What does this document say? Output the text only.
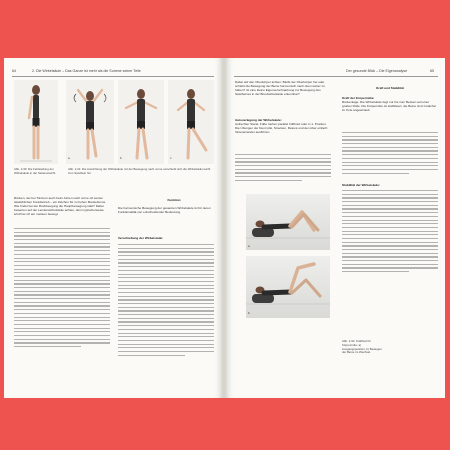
64	2. Die Wirbelsäule – Das Ganze ist mehr als die Summe seiner Teile
a	b	c
Abb. 2.30: Die Fehlstellung der Wirbelsäule in der Seitenansicht.
Abb. 2.31: Die Ausrichtung der Wirbelsäule mit der Bewegung nach vorne verschiebt sich die Wirbelsäule leicht zum Spielbein hin.
Rücken, der bei Tänzern auch beim Atmen nach vorne oft seinen tatsächlichen Kreisbetrieb – ein Zeichen für zu hohen Muskeltonus. Wie findet bei der Rückbeugung die Hauptbewegung statt? Dabei bewerten auf der Lendenwirbelsäule achten, denn typischerweise wird hier oft am meisten bewegt.
Funktion
Die harmonische Bewegung der gesamten Wirbelsäule ist für deren Funktionalität von entscheidender Bedeutung.
Verschiebung der Wirbelsäule:
Der gesunde Blick – Die Eigenanalyse	65
Dabei auf den Oberkörper achten: Bleibt der Oberkörper frei oder schiebt die Bewegung der Beine harmonisch nach oben weiter zu halten? Ist eine kleine Eigenverschraubung zur Bewegung des Spielbeines in der Brustwirbelsäule erkennbar?
Autoverlegung der Wirbelsäule:
Aufrechter Stand, Füße stehen parallel hüftbreit oder in 1. Position. Die Übungen der Demi plié, Strecken, Relevé und den über einfach hintereinander ausführen.
a
b
Kraft und Stabilität
Kraft der Körpermitte:
Rückenlage. Die Wirbelsäule liegt nur bis zum Becken auf einer großen Rolle. Die Körpermitte ist stabilisiert, die Beine sind zunächst im Knie angewinkelt.
Stabilität der Wirbelsäule:
Abb. 2.32: Kraftfest für Körpermitte: a) Ausgangsposition, b) Bewegen der Beine im Wechsel.
